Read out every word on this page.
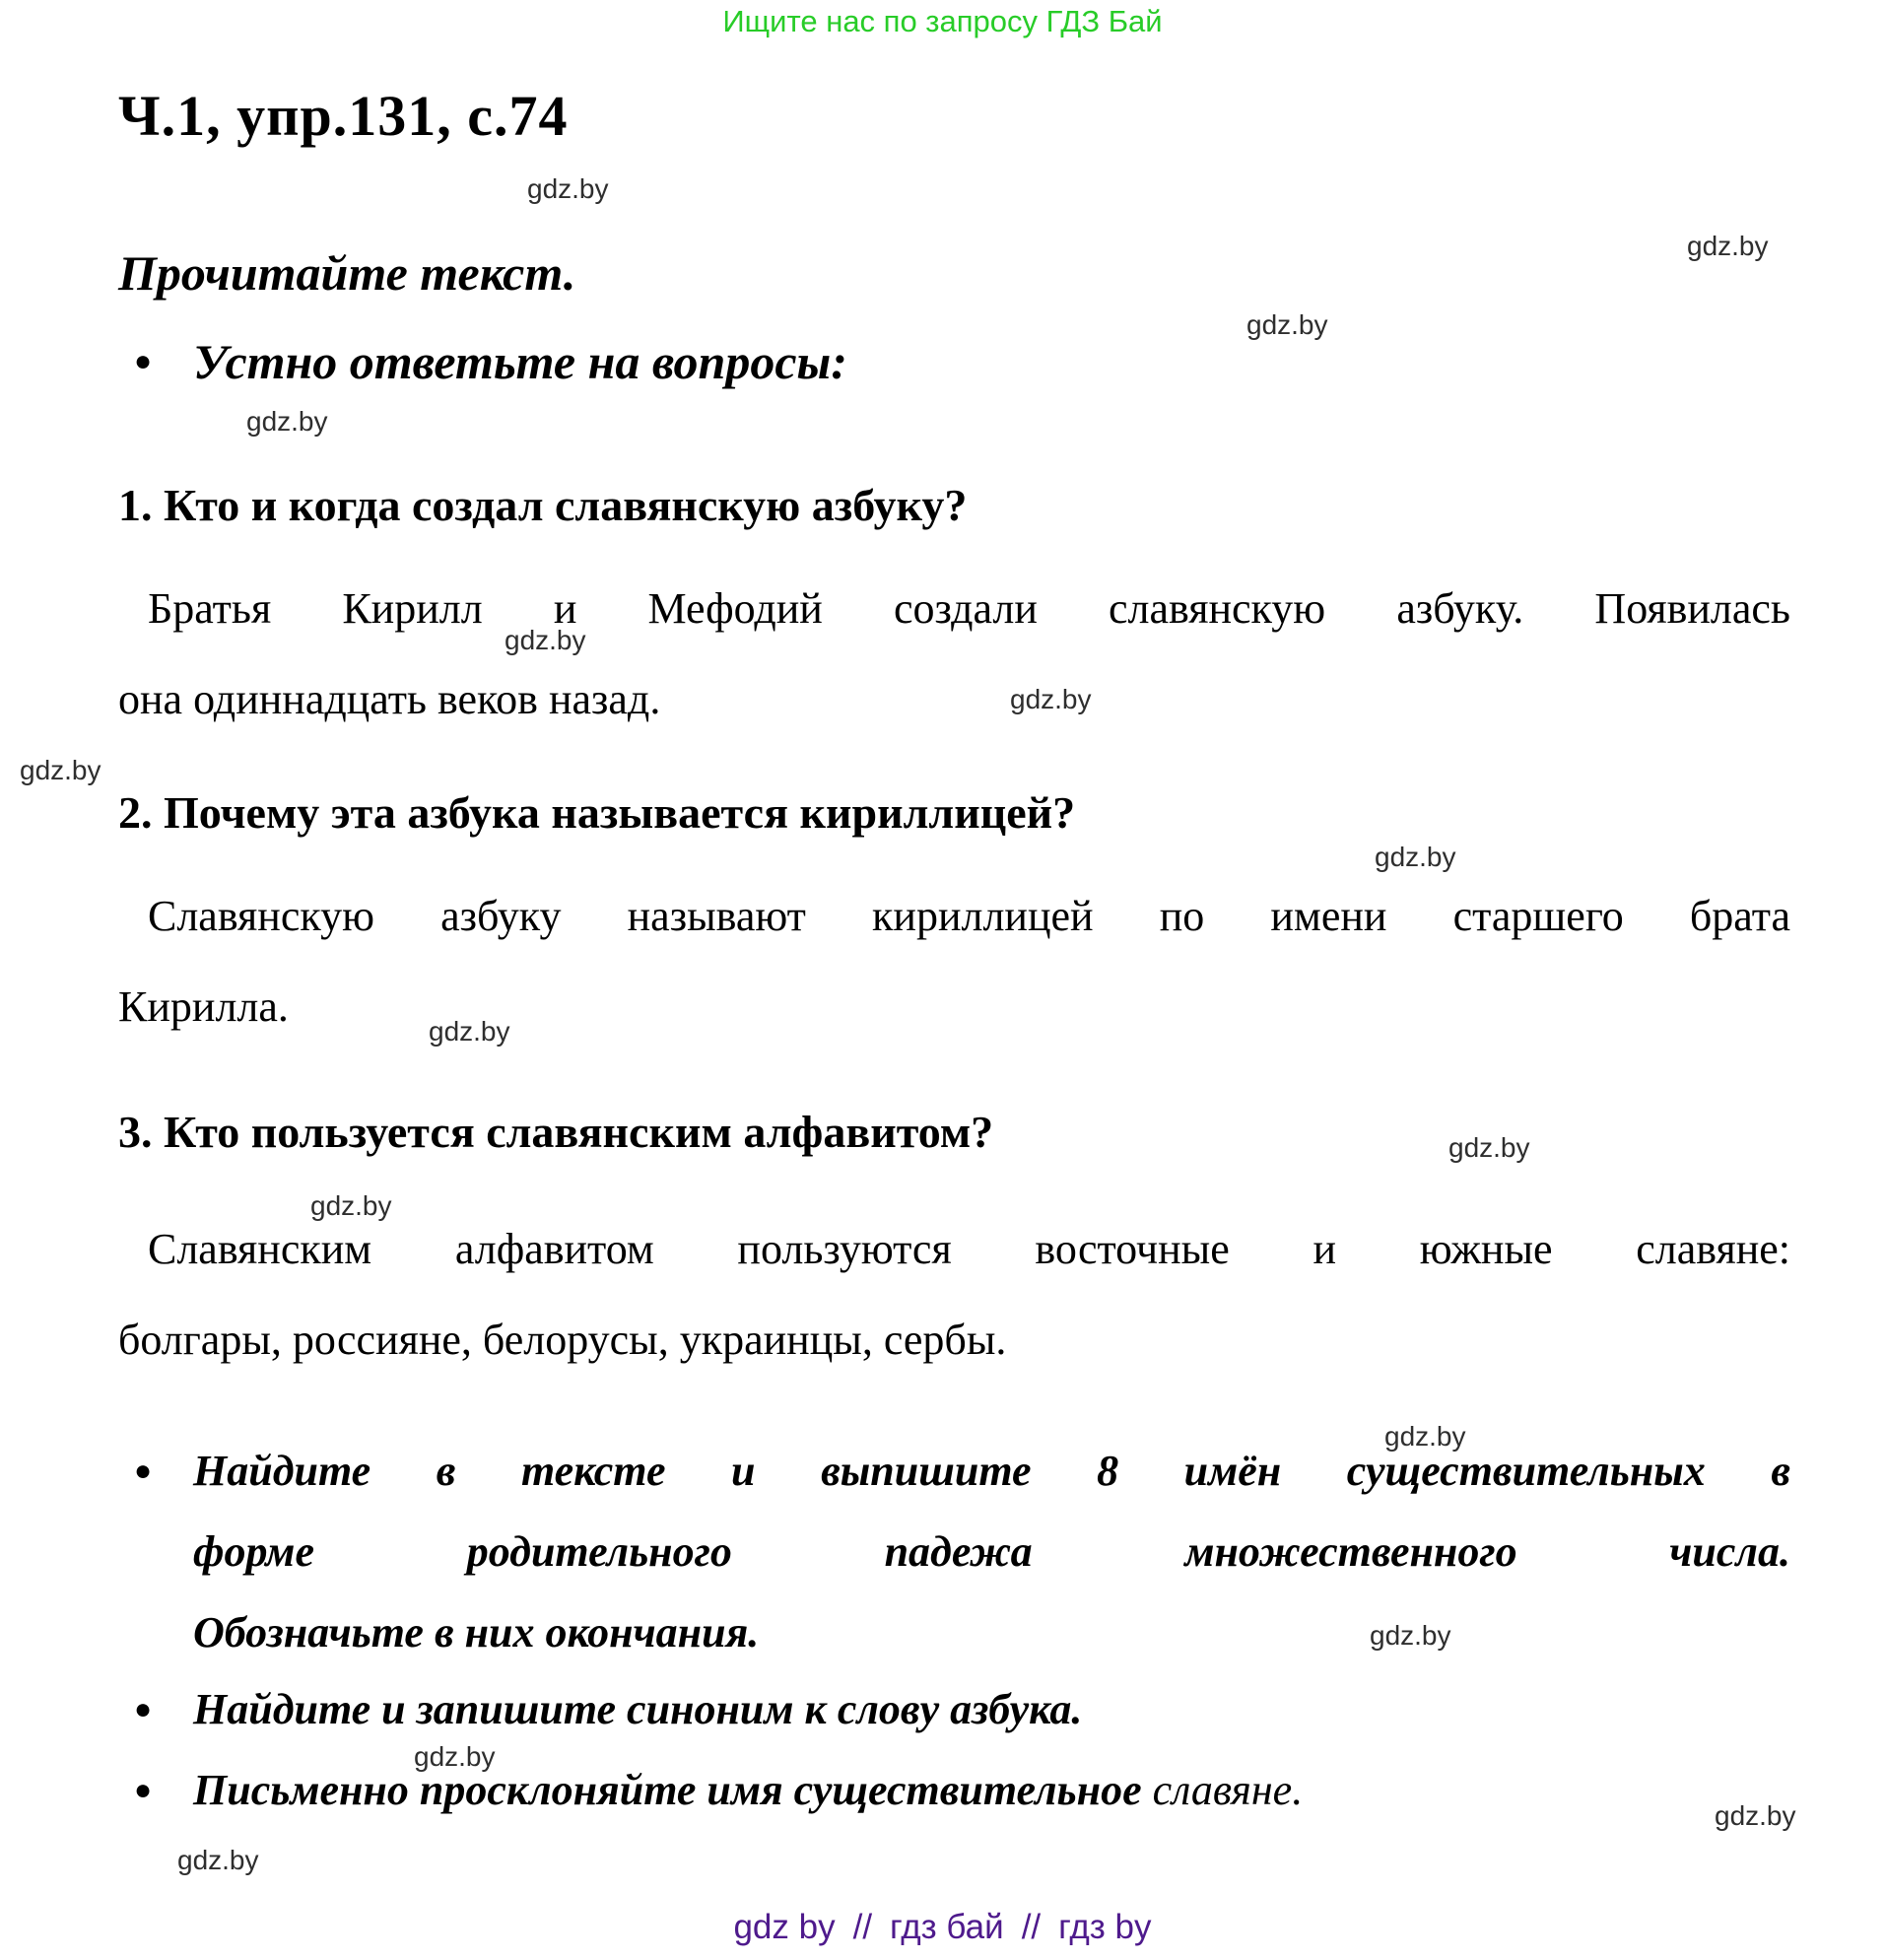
Ищите нас по запросу ГДЗ Бай
Ч.1, упр.131, с.74
gdz.by
gdz.by
gdz.by
gdz.by
gdz.by
gdz.by
gdz.by
gdz.by
gdz.by
gdz.by
gdz.by
gdz.by
gdz.by
gdz.by
gdz.by
gdz.by
Прочитайте текст.
● Устно ответьте на вопросы:
1. Кто и когда создал славянскую азбуку?
Братья Кирилл и Мефодий создали славянскую азбуку. Появилась
она одиннадцать веков назад.
2. Почему эта азбука называется кириллицей?
Славянскую азбуку называют кириллицей по имени старшего брата
Кирилла.
3. Кто пользуется славянским алфавитом?
Славянским алфавитом пользуются восточные и южные славяне:
болгары, россияне, белорусы, украинцы, сербы.
● Найдите в тексте и выпишите 8 имён существительных в
форме родительного падежа множественного числа.
Обозначьте в них окончания.
● Найдите и запишите синоним к слову азбука.
● Письменно просклоняйте имя существительное славяне.
gdz by // гдз бай // гдз by
